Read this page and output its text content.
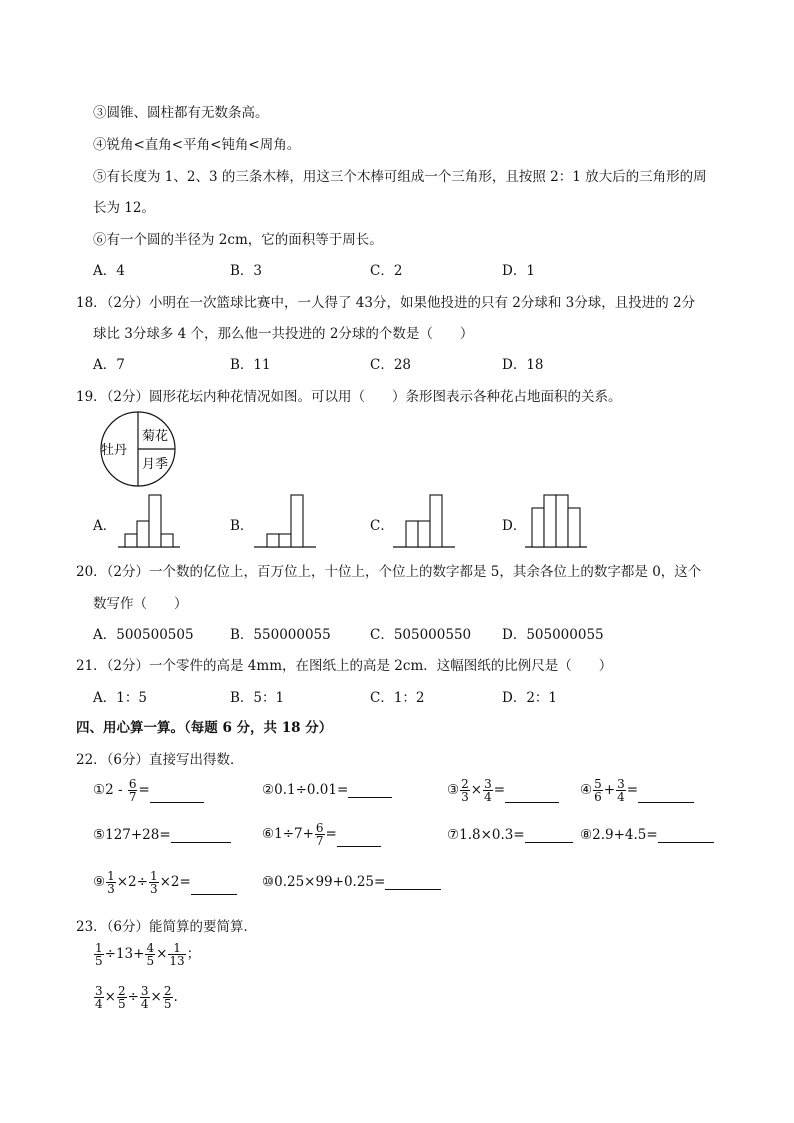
③圆锥、圆柱都有无数条高。
④锐角<直角<平角<钝角<周角。
⑤有长度为 1、2、3 的三条木棒，用这三个木棒可组成一个三角形，且按照 2：1 放大后的三角形的周
长为 12。
⑥有一个圆的半径为 2cm，它的面积等于周长。
A．4	B．3	C．2	D．1
18．（2分）小明在一次篮球比赛中，一人得了 43分，如果他投进的只有 2分球和 3分球，且投进的 2分
球比 3分球多 4 个，那么他一共投进的 2分球的个数是（　　）
A．7	B．11	C．28	D．18
19．（2分）圆形花坛内种花情况如图。可以用（　　）条形图表示各种花占地面积的关系。
牡丹
菊花
月季
A．	B．	C．	D．
20．（2分）一个数的亿位上，百万位上，十位上，个位上的数字都是 5，其余各位上的数字都是 0，这个
数写作（　　）
A．500500505	B．550000055	C．505000550 D．505000055
21．（2分）一个零件的高是 4mm，在图纸上的高是 2cm．这幅图纸的比例尺是（　　）
A．1：5	B．5：1	C．1：2	D．2：1
四、用心算一算。（每题 6 分，共 18 分）
22．（6分）直接写出得数．
①2 - $\frac{6}{7}$ =	②0.1÷0.01=	③ $\frac{2}{3} \times \frac{3}{4}$ =	④ $\frac{5}{6} + \frac{3}{4}$ =
⑤127+28=	⑥1÷7+ $\frac{6}{7}$ =	⑦1.8×0.3=	⑧2.9+4.5=
⑨ $\frac{1}{3} \times 2\div \frac{1}{3} \times 2=$	⑩0.25×99+0.25=
23．（6分）能简算的要简算．
$\frac{1}{5} \div 13+ \frac{4}{5} \times \frac{1}{13}$ ；
$\frac{3}{4} \times \frac{2}{5} \div \frac{3}{4} \times \frac{2}{5}$ .
